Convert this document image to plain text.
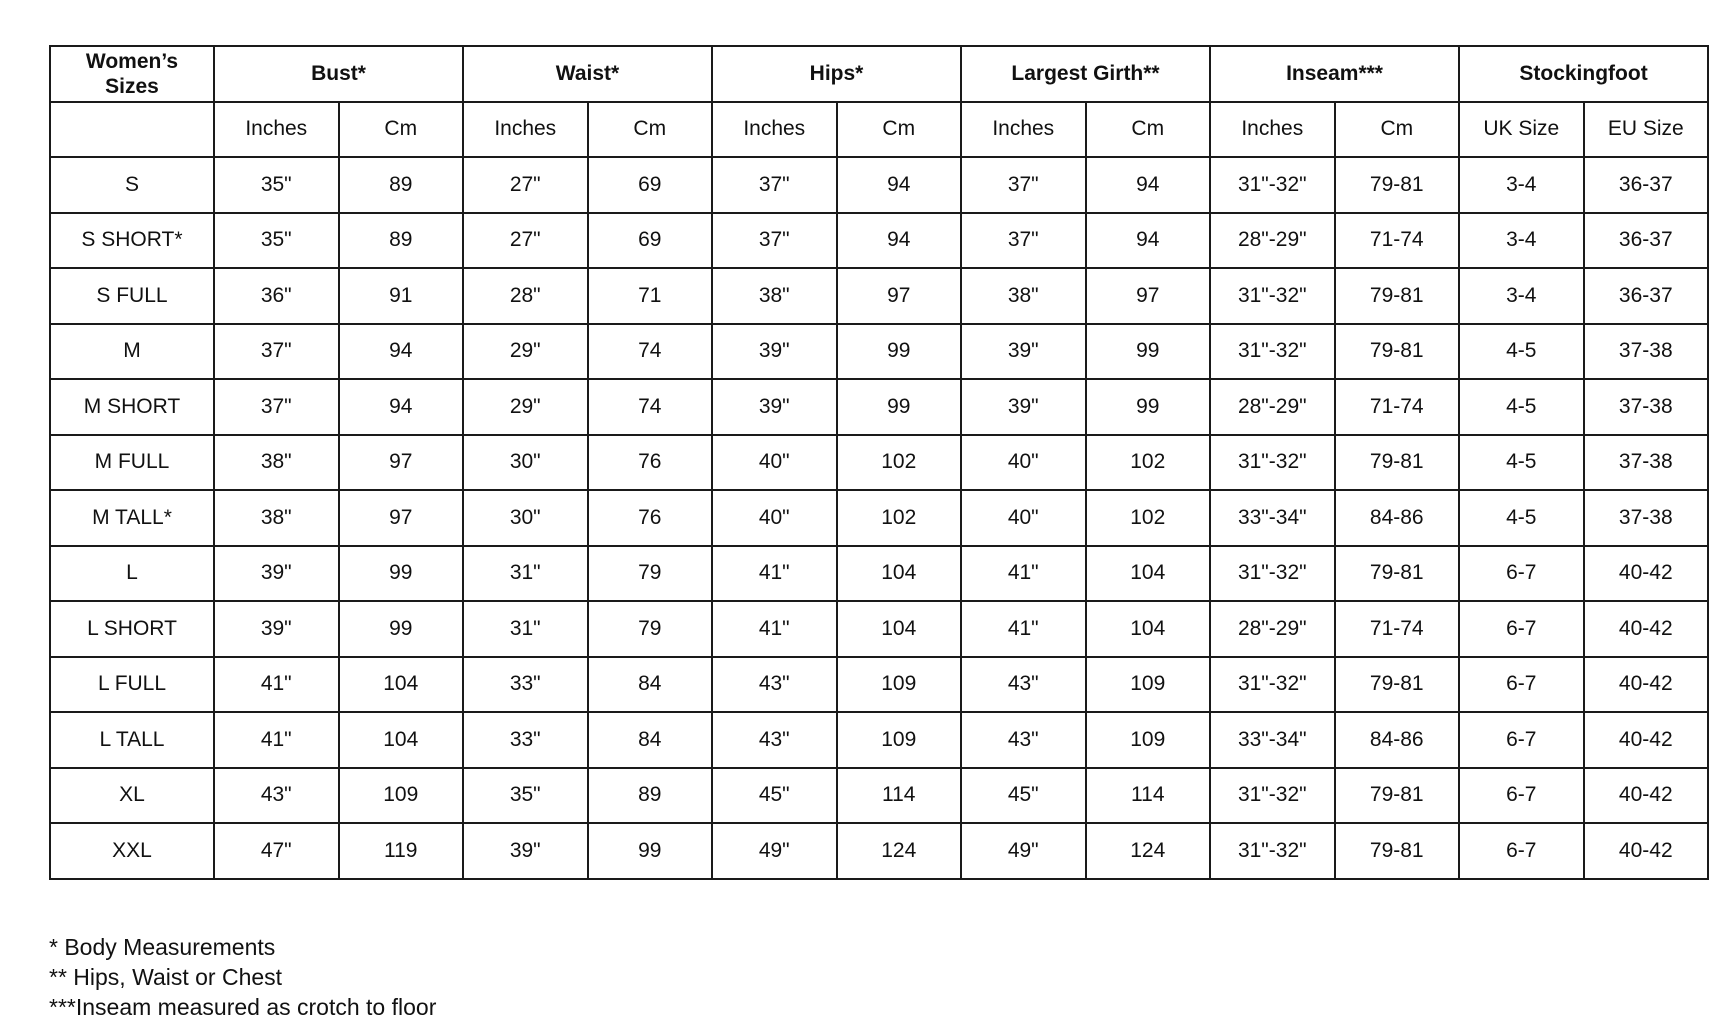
Women’s
Sizes	Bust*		Waist*		Hips*		Largest Girth**		Inseam***		Stockingfoot	
	Inches	Cm	Inches	Cm	Inches	Cm	Inches	Cm	Inches	Cm	UK Size	EU Size
S	35"	89	27"	69	37"	94	37"	94	31"-32"	79-81	3-4	36-37
S SHORT*	35"	89	27"	69	37"	94	37"	94	28"-29"	71-74	3-4	36-37
S FULL	36"	91	28"	71	38"	97	38"	97	31"-32"	79-81	3-4	36-37
M	37"	94	29"	74	39"	99	39"	99	31"-32"	79-81	4-5	37-38
M SHORT	37"	94	29"	74	39"	99	39"	99	28"-29"	71-74	4-5	37-38
M FULL	38"	97	30"	76	40"	102	40"	102	31"-32"	79-81	4-5	37-38
M TALL*	38"	97	30"	76	40"	102	40"	102	33"-34"	84-86	4-5	37-38
L	39"	99	31"	79	41"	104	41"	104	31"-32"	79-81	6-7	40-42
L SHORT	39"	99	31"	79	41"	104	41"	104	28"-29"	71-74	6-7	40-42
L FULL	41"	104	33"	84	43"	109	43"	109	31"-32"	79-81	6-7	40-42
L TALL	41"	104	33"	84	43"	109	43"	109	33"-34"	84-86	6-7	40-42
XL	43"	109	35"	89	45"	114	45"	114	31"-32"	79-81	6-7	40-42
XXL	47"	119	39"	99	49"	124	49"	124	31"-32"	79-81	6-7	40-42
* Body Measurements
** Hips, Waist or Chest
***Inseam measured as crotch to floor
